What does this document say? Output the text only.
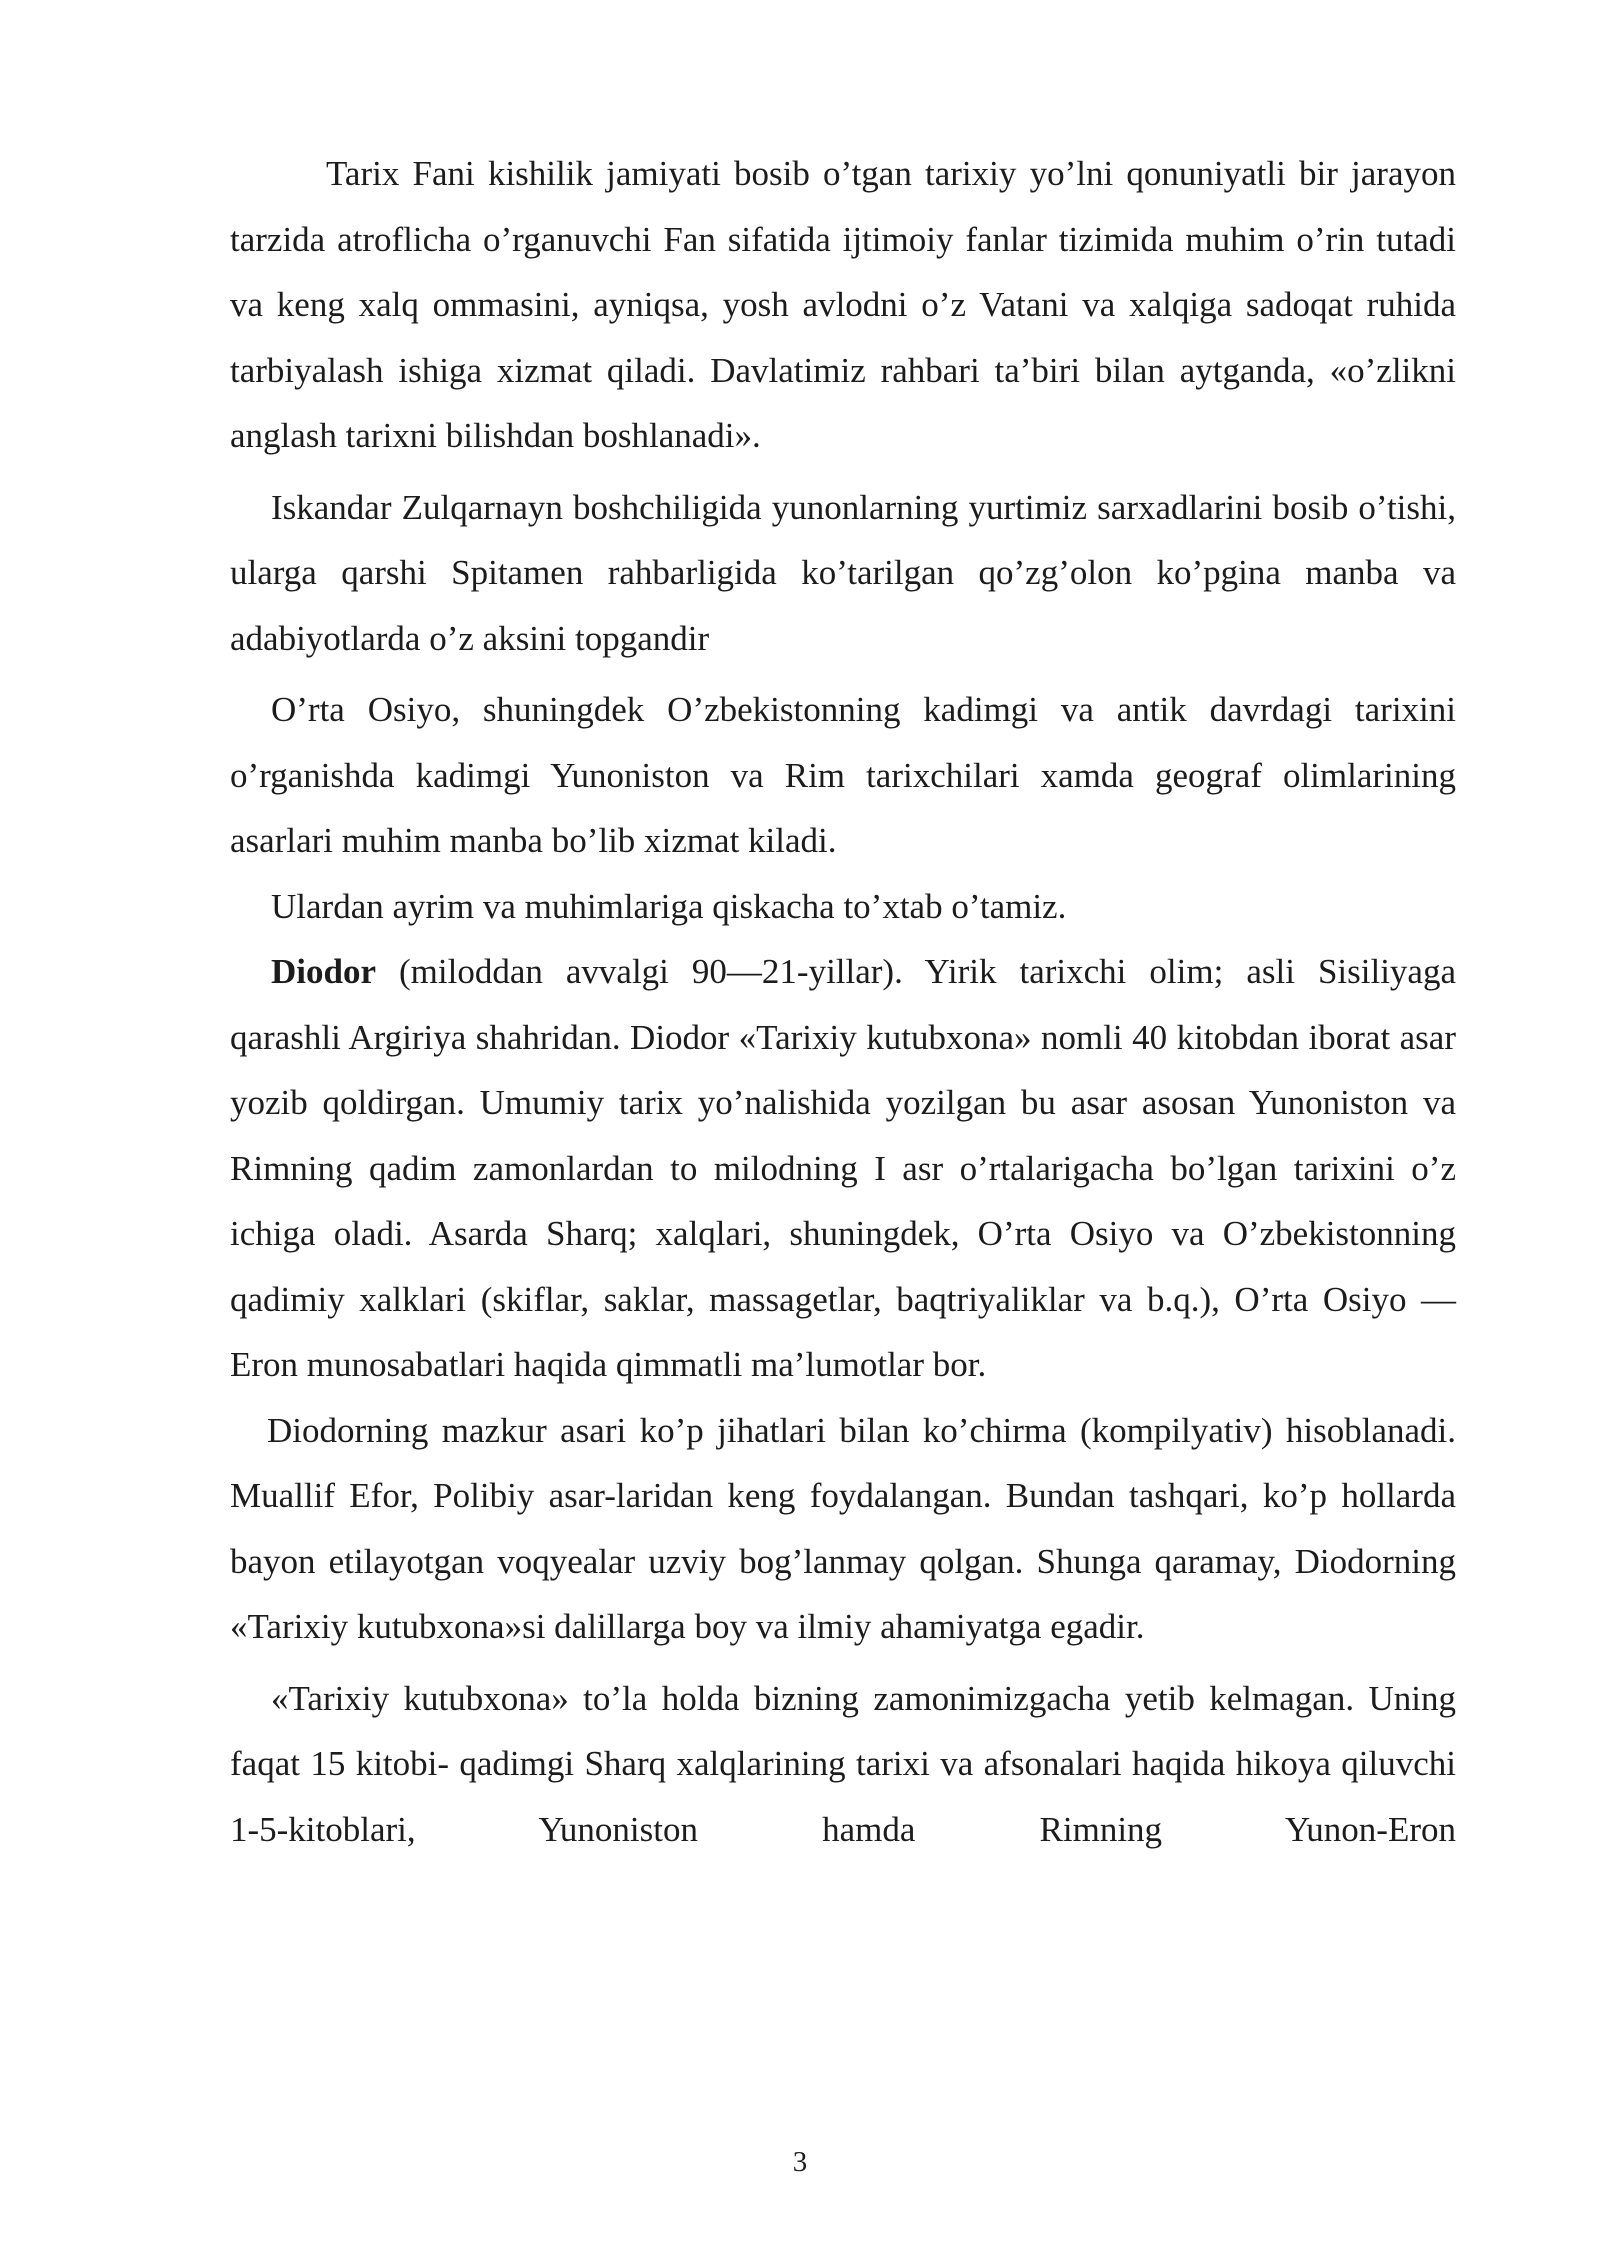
Tarix Fani kishilik jamiyati bosib o’tgan tarixiy yo’lni qonuniyatli bir jarayon tarzida atroflicha o’rganuvchi Fan sifatida ijtimoiy fanlar tizimida muhim o’rin tutadi va keng xalq ommasini, ayniqsa, yosh avlodni o’z Vatani va xalqiga sadoqat ruhida tarbiyalash ishiga xizmat qiladi. Davlatimiz rahbari ta’biri bilan aytganda, «o’zlikni anglash tarixni bilishdan boshlanadi».

Iskandar Zulqarnayn boshchiligida yunonlarning yurtimiz sarxadlarini bosib o’tishi, ularga qarshi Spitamen rahbarligida ko’tarilgan qo’zg’olon ko’pgina manba va adabiyotlarda o’z aksini topgandir

O’rta Osiyo, shuningdek O’zbekistonning kadimgi va antik davrdagi tarixini o’rganishda kadimgi Yunoniston va Rim tarixchilari xamda geograf olimlarining asarlari muhim manba bo’lib xizmat kiladi.

Ulardan ayrim va muhimlariga qiskacha to’xtab o’tamiz.

Diodor (miloddan avvalgi 90—21-yillar). Yirik tarixchi olim; asli Sisiliyaga qarashli Argiriya shahridan. Diodor «Tarixiy kutubxona» nomli 40 kitobdan iborat asar yozib qoldirgan. Umumiy tarix yo’nalishida yozilgan bu asar asosan Yunoniston va Rimning qadim zamonlardan to milodning I asr o’rtalarigacha bo’lgan tarixini o’z ichiga oladi. Asarda Sharq; xalqlari, shuningdek, O’rta Osiyo va O’zbekistonning qadimiy xalklari (skiflar, saklar, massagetlar, baqtriyaliklar va b.q.), O’rta Osiyo — Eron munosabatlari haqida qimmatli ma’lumotlar bor.

Diodorning mazkur asari ko’p jihatlari bilan ko’chirma (kompilyativ) hisoblanadi. Muallif Efor, Polibiy asar-laridan keng foydalangan. Bundan tashqari, ko’p hollarda bayon etilayotgan voqyealar uzviy bog’lanmay qolgan. Shunga qaramay, Diodorning «Tarixiy kutubxona»si dalillarga boy va ilmiy ahamiyatga egadir.

«Tarixiy kutubxona» to’la holda bizning zamonimizgacha yetib kelmagan. Uning faqat 15 kitobi- qadimgi Sharq xalqlarining tarixi va afsonalari haqida hikoya qiluvchi 1-5-kitoblari, Yunoniston hamda Rimning Yunon-Eron

3
